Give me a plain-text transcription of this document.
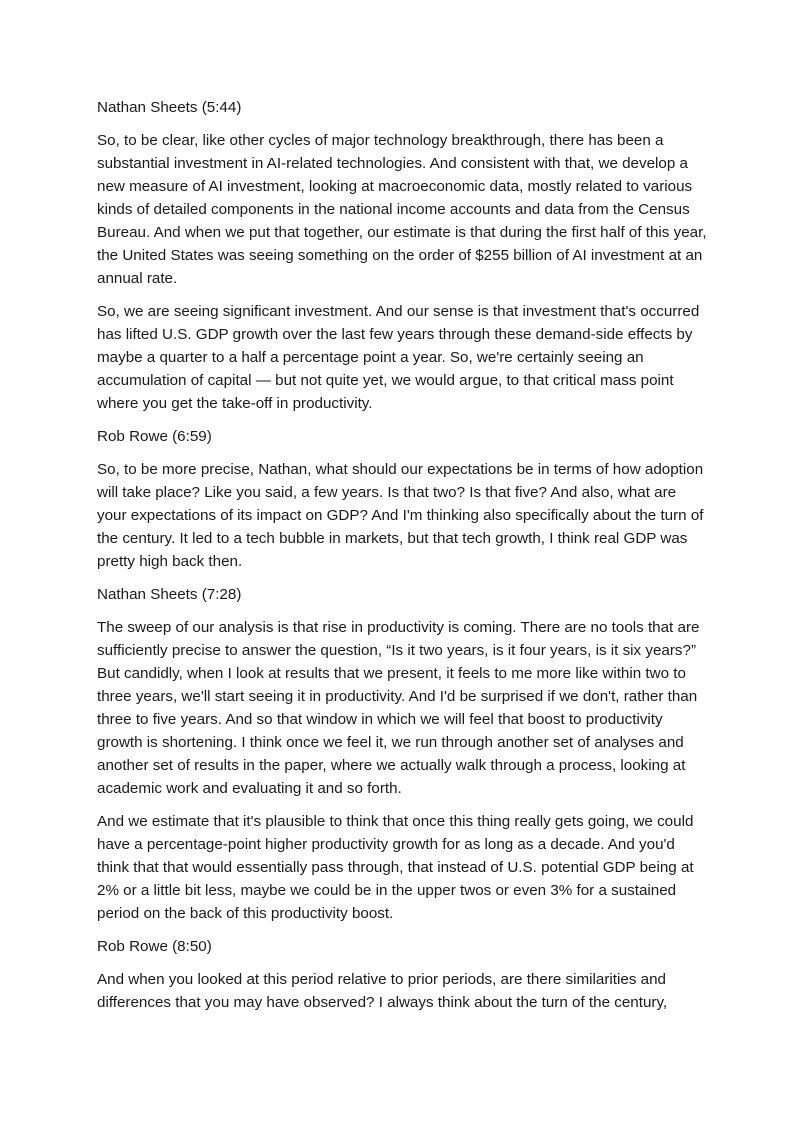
Nathan Sheets (5:44)

So, to be clear, like other cycles of major technology breakthrough, there has been a substantial investment in AI-related technologies. And consistent with that, we develop a new measure of AI investment, looking at macroeconomic data, mostly related to various kinds of detailed components in the national income accounts and data from the Census Bureau. And when we put that together, our estimate is that during the first half of this year, the United States was seeing something on the order of $255 billion of AI investment at an annual rate.

So, we are seeing significant investment. And our sense is that investment that's occurred has lifted U.S. GDP growth over the last few years through these demand-side effects by maybe a quarter to a half a percentage point a year. So, we're certainly seeing an accumulation of capital — but not quite yet, we would argue, to that critical mass point where you get the take-off in productivity.

Rob Rowe (6:59)

So, to be more precise, Nathan, what should our expectations be in terms of how adoption will take place? Like you said, a few years. Is that two? Is that five? And also, what are your expectations of its impact on GDP? And I'm thinking also specifically about the turn of the century. It led to a tech bubble in markets, but that tech growth, I think real GDP was pretty high back then.

Nathan Sheets (7:28)

The sweep of our analysis is that rise in productivity is coming. There are no tools that are sufficiently precise to answer the question, “Is it two years, is it four years, is it six years?” But candidly, when I look at results that we present, it feels to me more like within two to three years, we'll start seeing it in productivity. And I'd be surprised if we don't, rather than three to five years. And so that window in which we will feel that boost to productivity growth is shortening. I think once we feel it, we run through another set of analyses and another set of results in the paper, where we actually walk through a process, looking at academic work and evaluating it and so forth.

And we estimate that it's plausible to think that once this thing really gets going, we could have a percentage-point higher productivity growth for as long as a decade. And you'd think that that would essentially pass through, that instead of U.S. potential GDP being at 2% or a little bit less, maybe we could be in the upper twos or even 3% for a sustained period on the back of this productivity boost.

Rob Rowe (8:50)

And when you looked at this period relative to prior periods, are there similarities and differences that you may have observed? I always think about the turn of the century,
